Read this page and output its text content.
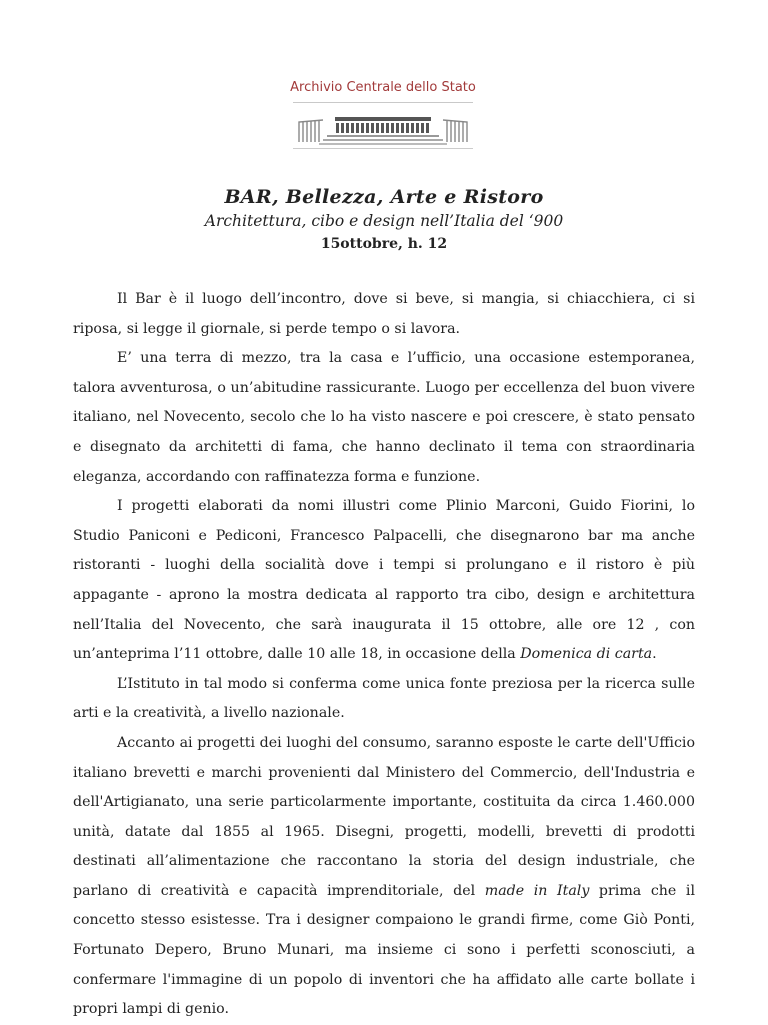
Archivio Centrale dello Stato
BAR, Bellezza, Arte e Ristoro
Architettura, cibo e design nell’Italia del ‘900
15ottobre, h. 12

Il Bar è il luogo dell’incontro, dove si beve, si mangia, si chiacchiera, ci si riposa, si legge il giornale, si perde tempo o si lavora.

E’ una terra di mezzo, tra la casa e l’ufficio, una occasione estemporanea, talora avventurosa, o un’abitudine rassicurante. Luogo per eccellenza del buon vivere italiano, nel Novecento, secolo che lo ha visto nascere e poi crescere, è stato pensato e disegnato da architetti di fama, che hanno declinato il tema con straordinaria eleganza, accordando con raffinatezza forma e funzione.

I progetti elaborati da nomi illustri come Plinio Marconi, Guido Fiorini, lo Studio Paniconi e Pediconi, Francesco Palpacelli, che disegnarono bar ma anche ristoranti - luoghi della socialità dove i tempi si prolungano e il ristoro è più appagante - aprono la mostra dedicata al rapporto tra cibo, design e architettura nell’Italia del Novecento, che sarà inaugurata il 15 ottobre, alle ore 12 , con un’anteprima l’11 ottobre, dalle 10 alle 18, in occasione della Domenica di carta.

L’Istituto in tal modo si conferma come unica fonte preziosa per la ricerca sulle arti e la creatività, a livello nazionale.

Accanto ai progetti dei luoghi del consumo, saranno esposte le carte dell'Ufficio italiano brevetti e marchi provenienti dal Ministero del Commercio, dell'Industria e dell'Artigianato, una serie particolarmente importante, costituita da circa 1.460.000 unità, datate dal 1855 al 1965. Disegni, progetti, modelli, brevetti di prodotti destinati all’alimentazione che raccontano la storia del design industriale, che parlano di creatività e capacità imprenditoriale, del made in Italy prima che il concetto stesso esistesse. Tra i designer compaiono le grandi firme, come Giò Ponti, Fortunato Depero, Bruno Munari, ma insieme ci sono i perfetti sconosciuti, a confermare l'immagine di un popolo di inventori che ha affidato alle carte bollate i propri lampi di genio.
